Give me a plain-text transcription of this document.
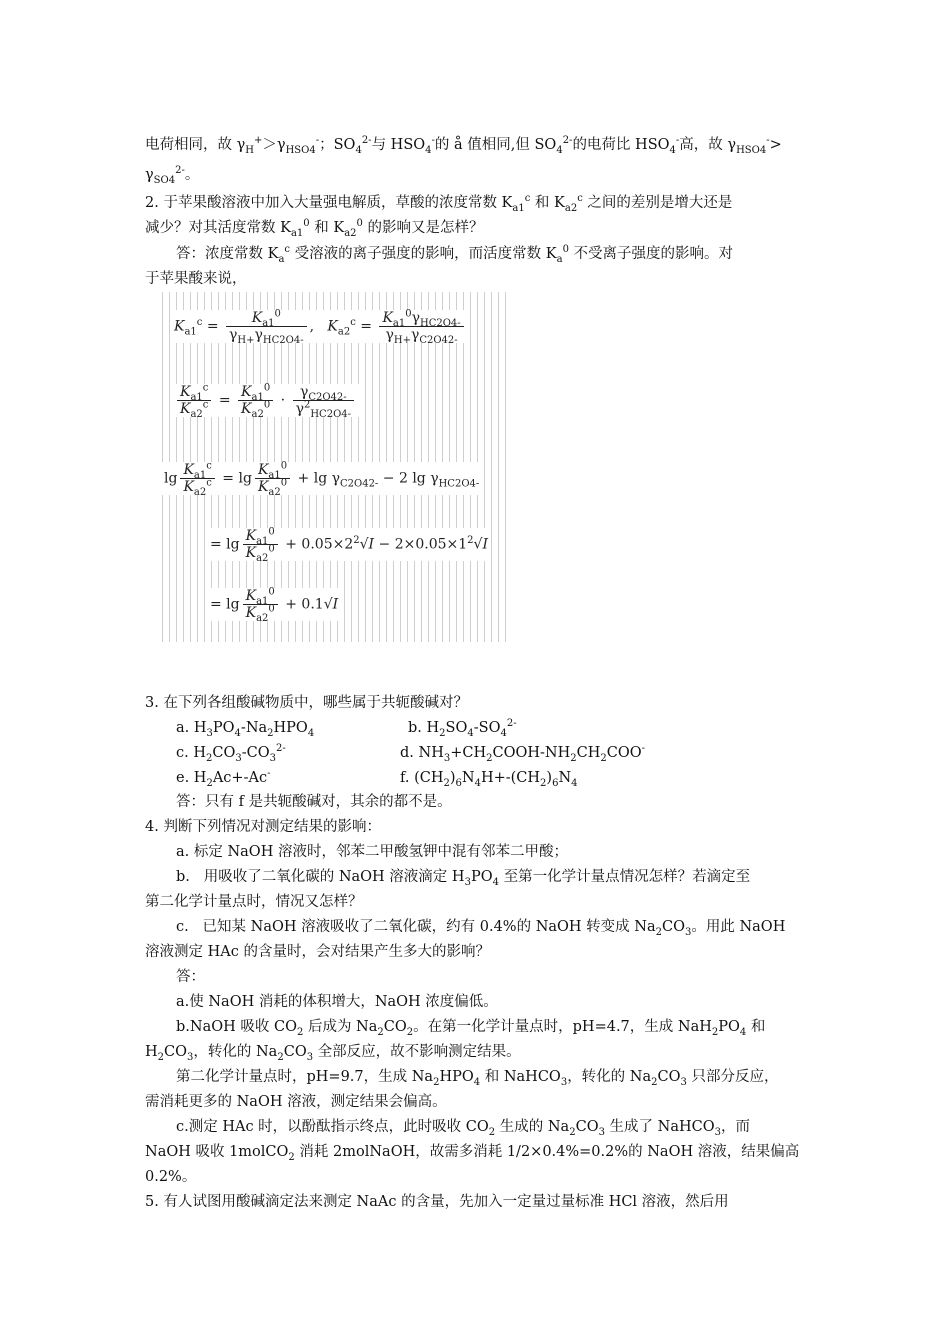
电荷相同，故 $\gamma_H^+>\gamma_{HSO4}^-$；$SO_4^{2-}$与 $HSO_4^-$的 å 值相同,但 $SO_4^{2-}$的电荷比 $HSO_4^-$高，故 $\gamma_{HSO4}^->$
$\gamma_{SO4}^{2-}$。
2. 于苹果酸溶液中加入大量强电解质，草酸的浓度常数 $K_{a1}^c$ 和 $K_{a2}^c$ 之间的差别是增大还是
减少？对其活度常数 $K_{a1}^0$ 和 $K_{a2}^0$ 的影响又是怎样？
答：浓度常数 $K_a^c$ 受溶液的离子强度的影响，而活度常数 $K_a^0$ 不受离子强度的影响。对
于苹果酸来说，
$K_{a1}^c = \frac{K_{a1}^0}{\gamma_{H+}\gamma_{HC2O4-}}$ ,   $K_{a2}^c = \frac{K_{a1}^0\gamma_{HC2O4-}}{\gamma_{H+}\gamma_{C2O42-}}$
$\frac{K_{a1}^c}{K_{a2}^c} = \frac{K_{a1}^0}{K_{a2}^0} \cdot \frac{\gamma_{C2O42-}}{\gamma^2_{HC2O4-}}$
$\lg \frac{K_{a1}^c}{K_{a2}^c} = \lg \frac{K_{a1}^0}{K_{a2}^0} + \lg \gamma_{C2O42-} - 2$ $\lg \gamma_{HC2O4-}$
= $\lg \frac{K_{a1}^0}{K_{a2}^0} + 0.05\times 2^2√I - 2\times 0.05\times 1^2√I$
= $\lg \frac{K_{a1}^0}{K_{a2}^0} + 0.1√I$
3. 在下列各组酸碱物质中，哪些属于共轭酸碱对？
a. $H_3PO_4-Na_2HPO_4$	b. $H_2SO_4-SO_4^{2-}$
c. $H_2CO_3-CO_3^{2-}$	d. $NH_3+CH_2COOH-NH_2CH_2COO^-$
e. $H_2Ac+-Ac^-$	f. $(CH_2)_6N_4H+-(CH_2)_6N_4$
答：只有 f 是共轭酸碱对，其余的都不是。
4. 判断下列情况对测定结果的影响：
a. 标定 NaOH 溶液时，邻苯二甲酸氢钾中混有邻苯二甲酸；
b.   用吸收了二氧化碳的 NaOH 溶液滴定 $H_3PO_4$ 至第一化学计量点情况怎样？若滴定至
第二化学计量点时，情况又怎样？
c.   已知某 NaOH 溶液吸收了二氧化碳，约有 0.4%的 NaOH 转变成 $Na_2CO_3$。用此 NaOH
溶液测定 HAc 的含量时，会对结果产生多大的影响？
答：
a.使 NaOH 消耗的体积增大，NaOH 浓度偏低。
b.NaOH 吸收 $CO_2$ 后成为 $Na_2CO_2$。在第一化学计量点时，pH=4.7，生成 $NaH_2PO_4$ 和
$H_2CO_3$，转化的 $Na_2CO_3$ 全部反应，故不影响测定结果。
第二化学计量点时，pH=9.7，生成 $Na_2HPO_4$ 和 NaHCO$_3$，转化的 $Na_2CO_3$ 只部分反应，
需消耗更多的 NaOH 溶液，测定结果会偏高。
c.测定 HAc 时，以酚酞指示终点，此时吸收 $CO_2$ 生成的 $Na_2CO_3$ 生成了 NaHCO$_3$，而
NaOH 吸收 1molCO$_2$ 消耗 2molNaOH，故需多消耗 1/2×0.4%=0.2%的 NaOH 溶液，结果偏高
0.2%。
5. 有人试图用酸碱滴定法来测定 NaAc 的含量，先加入一定量过量标准 HCl 溶液，然后用
